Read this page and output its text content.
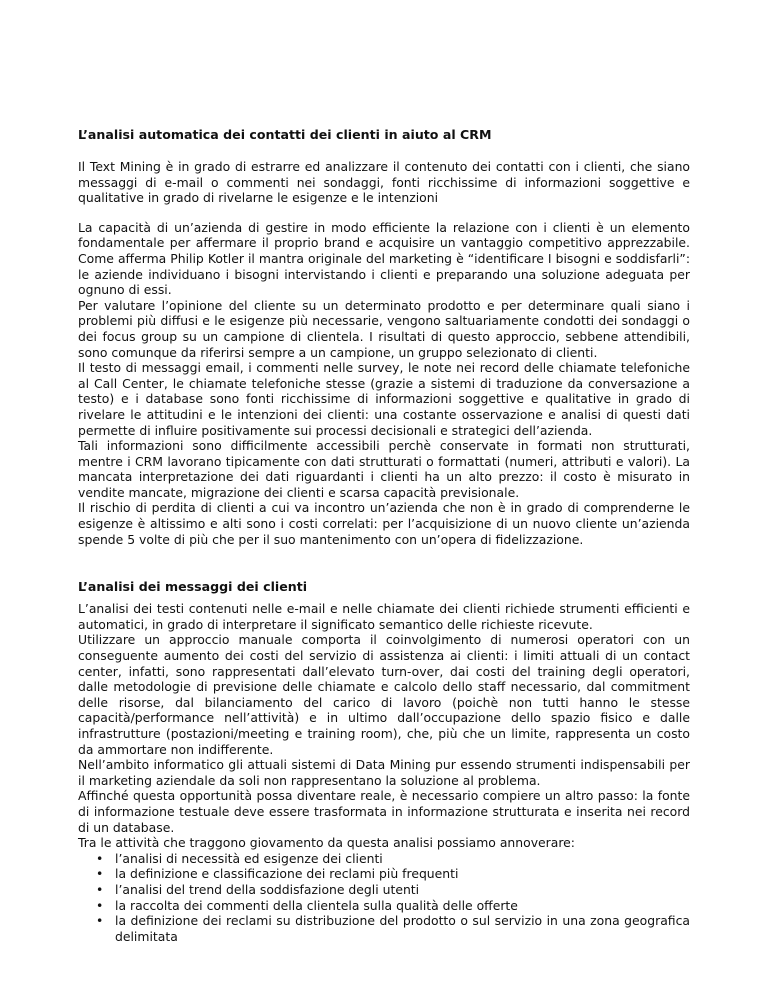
L’analisi automatica dei contatti dei clienti in aiuto al CRM

Il Text Mining è in grado di estrarre ed analizzare il contenuto dei contatti con i clienti, che siano messaggi di e-mail o commenti nei sondaggi, fonti ricchissime di informazioni soggettive e qualitative in grado di rivelarne le esigenze e le intenzioni

La capacità di un’azienda di gestire in modo efficiente la relazione con i clienti è un elemento fondamentale per affermare il proprio brand e acquisire un vantaggio competitivo apprezzabile. Come afferma Philip Kotler il mantra originale del marketing è “identificare I bisogni e soddisfarli”: le aziende individuano i bisogni intervistando i clienti e preparando una soluzione adeguata per ognuno di essi.

Per valutare l’opinione del cliente su un determinato prodotto e per determinare quali siano i problemi più diffusi e le esigenze più necessarie, vengono saltuariamente condotti dei sondaggi o dei focus group su un campione di clientela. I risultati di questo approccio, sebbene attendibili, sono comunque da riferirsi sempre a un campione, un gruppo selezionato di clienti.

Il testo di messaggi email, i commenti nelle survey, le note nei record delle chiamate telefoniche al Call Center, le chiamate telefoniche stesse (grazie a sistemi di traduzione da conversazione a testo) e i database sono fonti ricchissime di informazioni soggettive e qualitative in grado di rivelare le attitudini e le intenzioni dei clienti: una costante osservazione e analisi di questi dati permette di influire positivamente sui processi decisionali e strategici dell’azienda.

Tali informazioni sono difficilmente accessibili perchè conservate in formati non strutturati, mentre i CRM lavorano tipicamente con dati strutturati o formattati (numeri, attributi e valori). La mancata interpretazione dei dati riguardanti i clienti ha un alto prezzo: il costo è misurato in vendite mancate, migrazione dei clienti e scarsa capacità previsionale.

Il rischio di perdita di clienti a cui va incontro un’azienda che non è in grado di comprenderne le esigenze è altissimo e alti sono i costi correlati: per l’acquisizione di un nuovo cliente un’azienda spende 5 volte di più che per il suo mantenimento con un’opera di fidelizzazione.

L’analisi dei messaggi dei clienti

L’analisi dei testi contenuti nelle e-mail e nelle chiamate dei clienti richiede strumenti efficienti e automatici, in grado di interpretare il significato semantico delle richieste ricevute.

Utilizzare un approccio manuale comporta il coinvolgimento di numerosi operatori con un conseguente aumento dei costi del servizio di assistenza ai clienti: i limiti attuali di un contact center, infatti, sono rappresentati dall’elevato turn-over, dai costi del training degli operatori, dalle metodologie di previsione delle chiamate e calcolo dello staff necessario, dal commitment delle risorse, dal bilanciamento del carico di lavoro (poichè non tutti hanno le stesse capacità/performance nell’attività) e in ultimo dall’occupazione dello spazio fisico e dalle infrastrutture (postazioni/meeting e training room), che, più che un limite, rappresenta un costo da ammortare non indifferente.

Nell’ambito informatico gli attuali sistemi di Data Mining pur essendo strumenti indispensabili per il marketing aziendale da soli non rappresentano la soluzione al problema.

Affinché questa opportunità possa diventare reale, è necessario compiere un altro passo: la fonte di informazione testuale deve essere trasformata in informazione strutturata e inserita nei record di un database.

Tra le attività che traggono giovamento da questa analisi possiamo annoverare:

• l’analisi di necessità ed esigenze dei clienti
• la definizione e classificazione dei reclami più frequenti
• l’analisi del trend della soddisfazione degli utenti
• la raccolta dei commenti della clientela sulla qualità delle offerte
• la definizione dei reclami su distribuzione del prodotto o sul servizio in una zona geografica delimitata
